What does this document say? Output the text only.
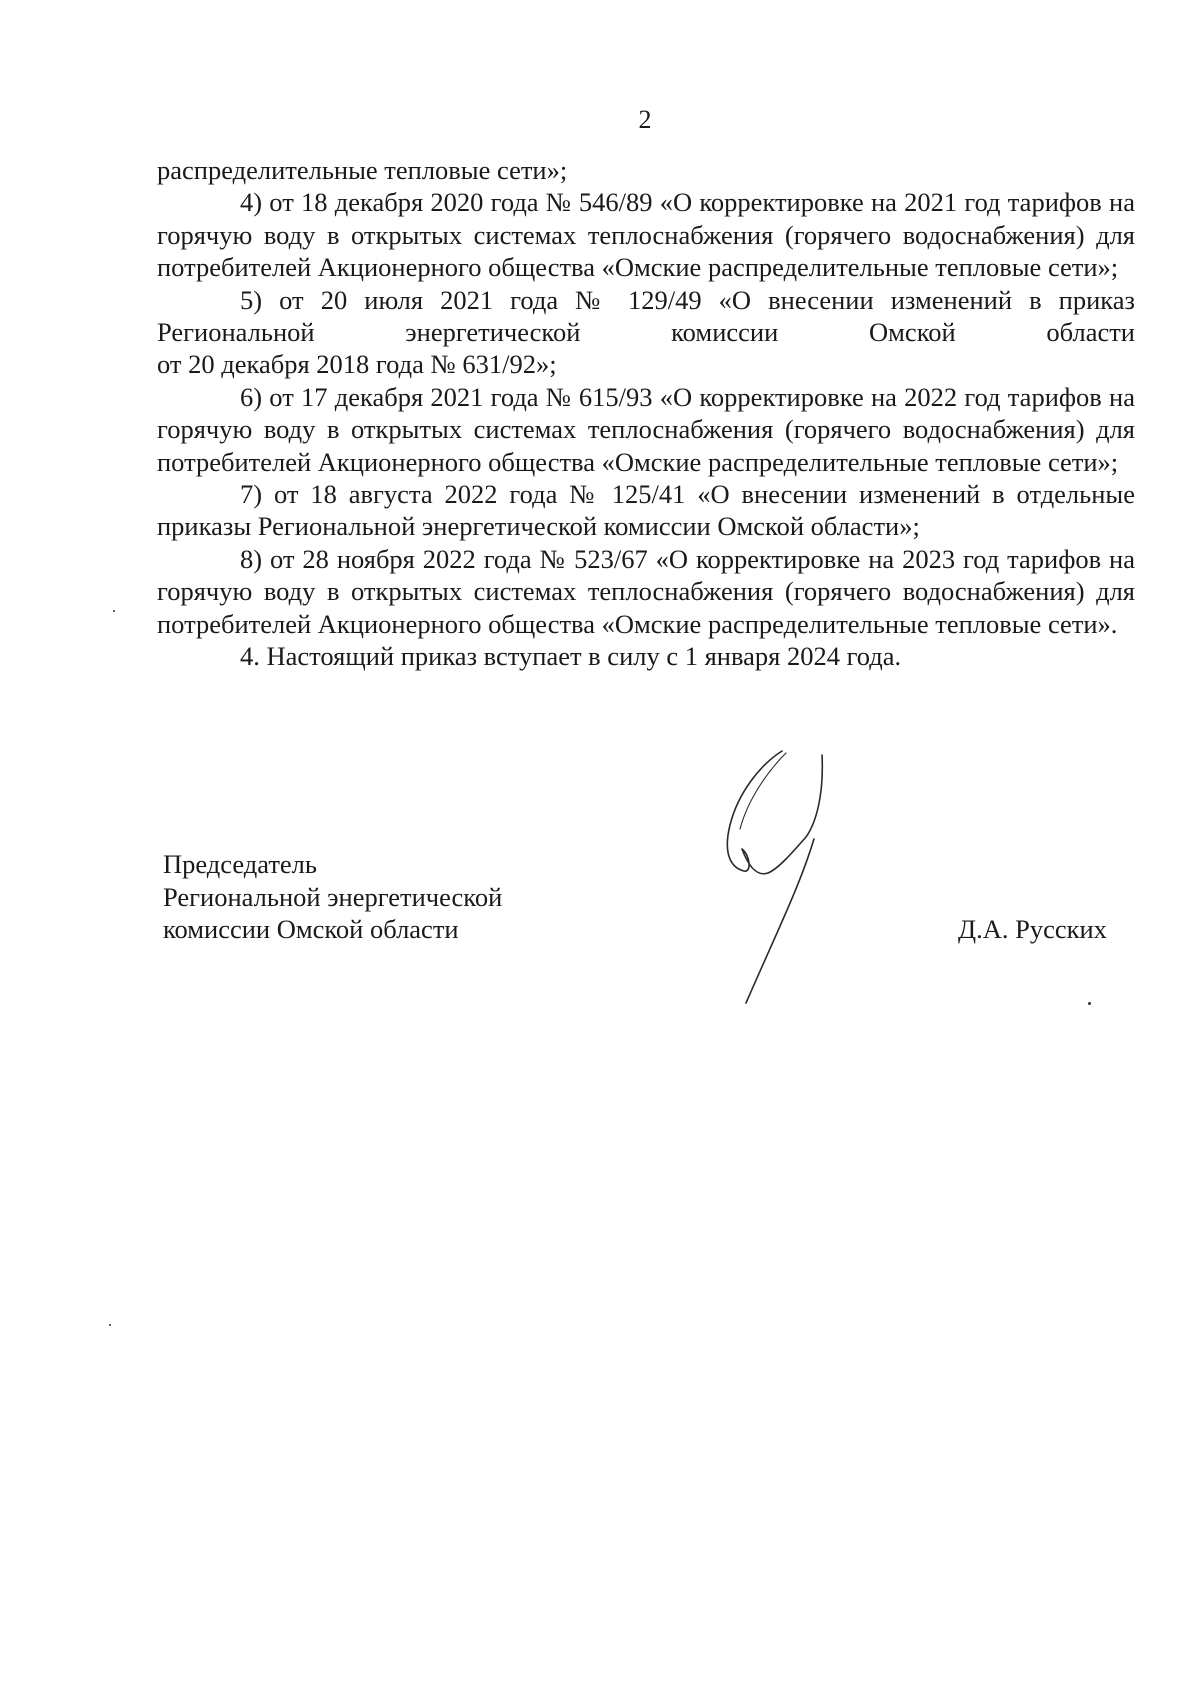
2

распределительные тепловые сети»;

4) от 18 декабря 2020 года № 546/89 «О корректировке на 2021 год тарифов на горячую воду в открытых системах теплоснабжения (горячего водоснабжения) для потребителей Акционерного общества «Омские распределительные тепловые сети»;

5) от 20 июля 2021 года № 129/49 «О внесении изменений в приказ

Региональной энергетической комиссии Омской области

от 20 декабря 2018 года № 631/92»;

6) от 17 декабря 2021 года № 615/93 «О корректировке на 2022 год тарифов на горячую воду в открытых системах теплоснабжения (горячего водоснабжения) для потребителей Акционерного общества «Омские распределительные тепловые сети»;

7) от 18 августа 2022 года № 125/41 «О внесении изменений в отдельные приказы Региональной энергетической комиссии Омской области»;

8) от 28 ноября 2022 года № 523/67 «О корректировке на 2023 год тарифов на горячую воду в открытых системах теплоснабжения (горячего водоснабжения) для потребителей Акционерного общества «Омские распределительные тепловые сети».

4. Настоящий приказ вступает в силу с 1 января 2024 года.

Председатель
Региональной энергетической
комиссии Омской области	Д.А. Русских
